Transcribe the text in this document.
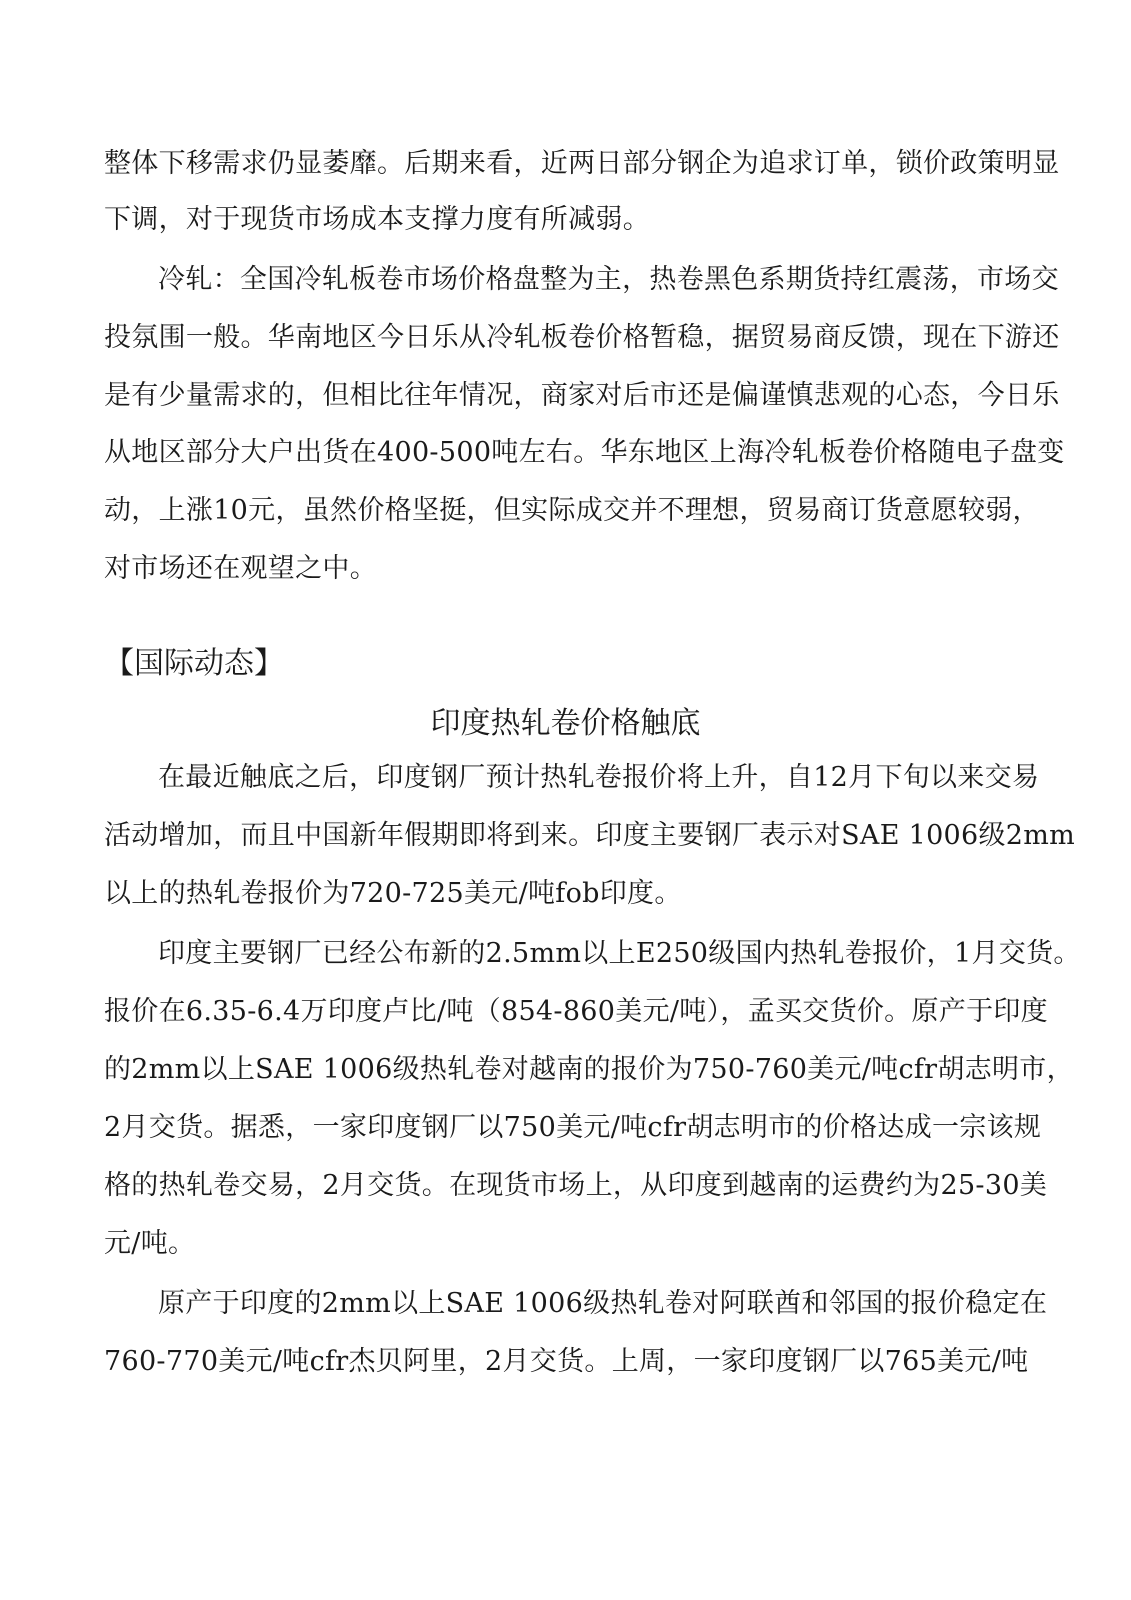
整体下移需求仍显萎靡。后期来看，近两日部分钢企为追求订单，锁价政策明显

下调，对于现货市场成本支撑力度有所减弱。

冷轧：全国冷轧板卷市场价格盘整为主，热卷黑色系期货持红震荡，市场交

投氛围一般。华南地区今日乐从冷轧板卷价格暂稳，据贸易商反馈，现在下游还

是有少量需求的，但相比往年情况，商家对后市还是偏谨慎悲观的心态，今日乐

从地区部分大户出货在400-500吨左右。华东地区上海冷轧板卷价格随电子盘变

动，上涨10元，虽然价格坚挺，但实际成交并不理想，贸易商订货意愿较弱，

对市场还在观望之中。

【国际动态】
印度热轧卷价格触底

在最近触底之后，印度钢厂预计热轧卷报价将上升，自12月下旬以来交易

活动增加，而且中国新年假期即将到来。印度主要钢厂表示对SAE 1006级2mm

以上的热轧卷报价为720-725美元/吨fob印度。

印度主要钢厂已经公布新的2.5mm以上E250级国内热轧卷报价，1月交货。

报价在6.35-6.4万印度卢比/吨（854-860美元/吨），孟买交货价。原产于印度

的2mm以上SAE 1006级热轧卷对越南的报价为750-760美元/吨cfr胡志明市，

2月交货。据悉，一家印度钢厂以750美元/吨cfr胡志明市的价格达成一宗该规

格的热轧卷交易，2月交货。在现货市场上，从印度到越南的运费约为25-30美

元/吨。

原产于印度的2mm以上SAE 1006级热轧卷对阿联酋和邻国的报价稳定在

760-770美元/吨cfr杰贝阿里，2月交货。上周，一家印度钢厂以765美元/吨
